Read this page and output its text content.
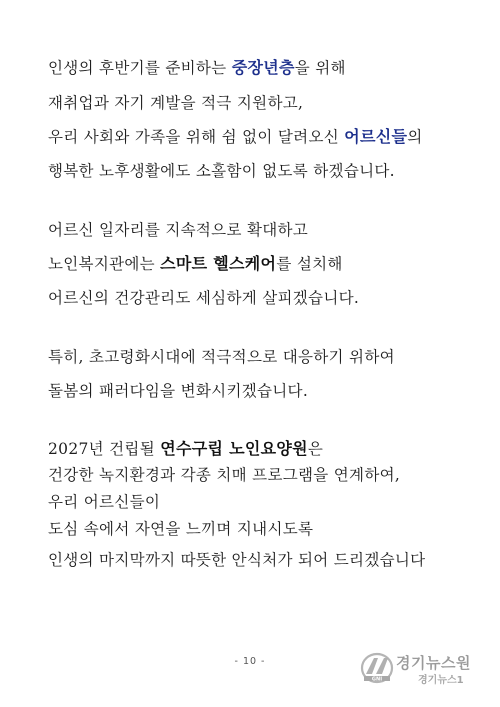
인생의 후반기를 준비하는 중장년층을 위해
재취업과 자기 계발을 적극 지원하고,
우리 사회와 가족을 위해 쉼 없이 달려오신 어르신들의
행복한 노후생활에도 소홀함이 없도록 하겠습니다.
어르신 일자리를 지속적으로 확대하고
노인복지관에는 스마트 헬스케어를 설치해
어르신의 건강관리도 세심하게 살피겠습니다.
특히, 초고령화시대에 적극적으로 대응하기 위하여
돌봄의 패러다임을 변화시키겠습니다.
2027년 건립될 연수구립 노인요양원은
건강한 녹지환경과 각종 치매 프로그램을 연계하여,
우리 어르신들이
도심 속에서 자연을 느끼며 지내시도록
인생의 마지막까지 따뜻한 안식처가 되어 드리겠습니다
- 10 -
GNI
경기뉴스원
경기뉴스1
